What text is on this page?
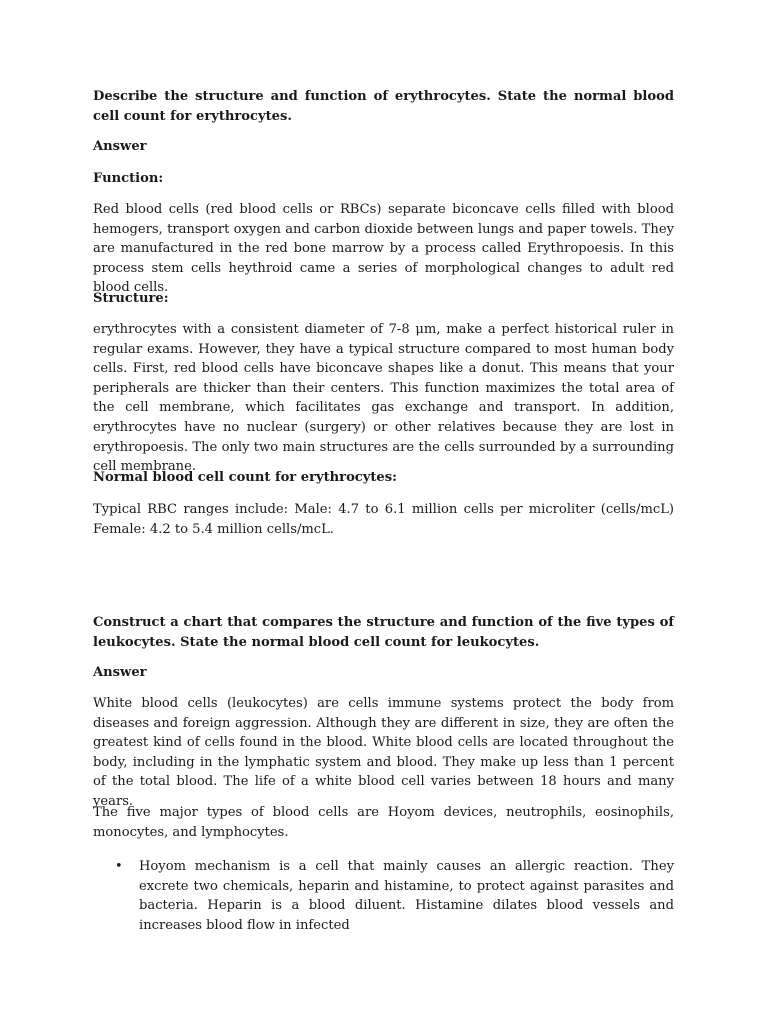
Describe the structure and function of erythrocytes. State the normal blood cell count for erythrocytes.

Answer

Function:

Red blood cells (red blood cells or RBCs) separate biconcave cells filled with blood hemogers, transport oxygen and carbon dioxide between lungs and paper towels. They are manufactured in the red bone marrow by a process called Erythropoesis. In this process stem cells heythroid came a series of morphological changes to adult red blood cells.

Structure:

erythrocytes with a consistent diameter of 7-8 μm, make a perfect historical ruler in regular exams. However, they have a typical structure compared to most human body cells. First, red blood cells have biconcave shapes like a donut. This means that your peripherals are thicker than their centers. This function maximizes the total area of the cell membrane, which facilitates gas exchange and transport. In addition, erythrocytes have no nuclear (surgery) or other relatives because they are lost in erythropoesis. The only two main structures are the cells surrounded by a surrounding cell membrane.

Normal blood cell count for erythrocytes:

Typical RBC ranges include: Male: 4.7 to 6.1 million cells per microliter (cells/mcL) Female: 4.2 to 5.4 million cells/mcL.

Construct a chart that compares the structure and function of the five types of leukocytes. State the normal blood cell count for leukocytes.

Answer

White blood cells (leukocytes) are cells immune systems protect the body from diseases and foreign aggression. Although they are different in size, they are often the greatest kind of cells found in the blood. White blood cells are located throughout the body, including in the lymphatic system and blood. They make up less than 1 percent of the total blood. The life of a white blood cell varies between 18 hours and many years.

The five major types of blood cells are Hoyom devices, neutrophils, eosinophils, monocytes, and lymphocytes.

•	Hoyom mechanism is a cell that mainly causes an allergic reaction. They excrete two chemicals, heparin and histamine, to protect against parasites and bacteria. Heparin is a blood diluent. Histamine dilates blood vessels and increases blood flow in infected
